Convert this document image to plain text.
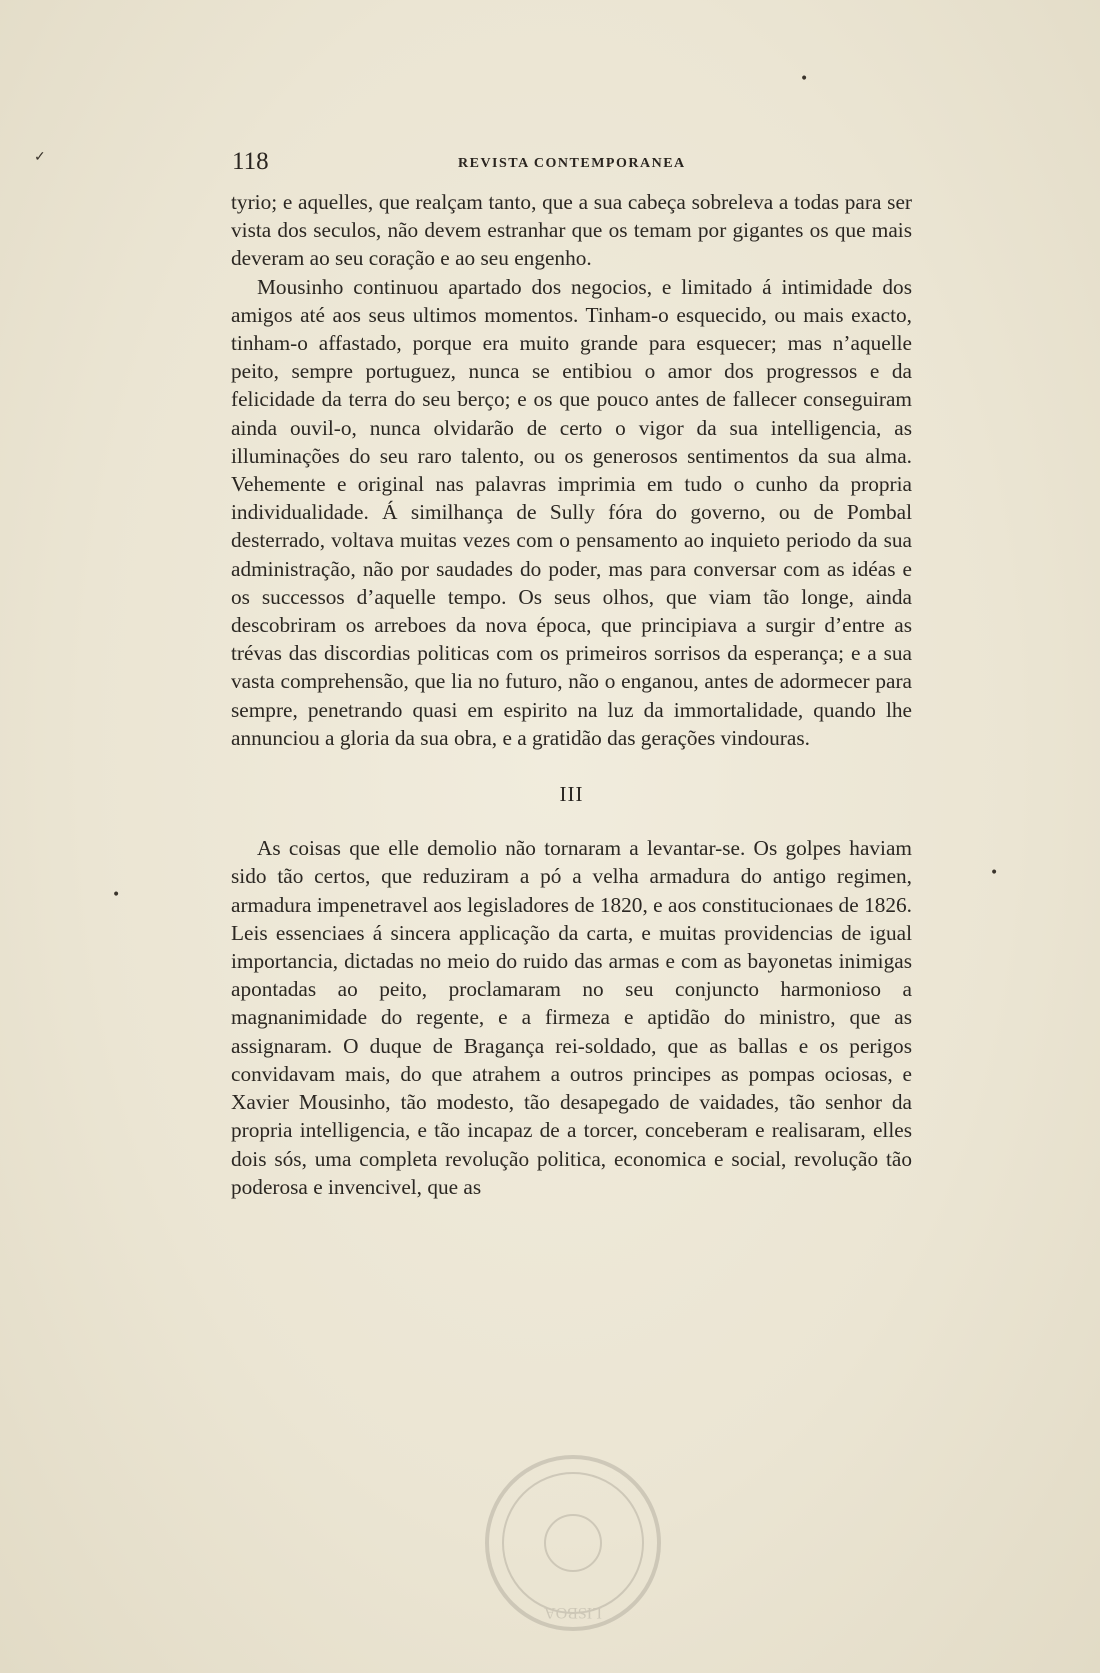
118	REVISTA CONTEMPORANEA

tyrio; e aquelles, que realçam tanto, que a sua cabeça sobreleva a todas para ser vista dos seculos, não devem estranhar que os temam por gigantes os que mais deveram ao seu coração e ao seu engenho.

Mousinho continuou apartado dos negocios, e limitado á intimidade dos amigos até aos seus ultimos momentos. Tinham-o esquecido, ou mais exacto, tinham-o affastado, porque era muito grande para esquecer; mas n’aquelle peito, sempre portuguez, nunca se entibiou o amor dos progressos e da felicidade da terra do seu berço; e os que pouco antes de fallecer conseguiram ainda ouvil-o, nunca olvidarão de certo o vigor da sua intelligencia, as illuminações do seu raro talento, ou os generosos sentimentos da sua alma. Vehemente e original nas palavras imprimia em tudo o cunho da propria individualidade. Á similhança de Sully fóra do governo, ou de Pombal desterrado, voltava muitas vezes com o pensamento ao inquieto periodo da sua administração, não por saudades do poder, mas para conversar com as idéas e os successos d’aquelle tempo. Os seus olhos, que viam tão longe, ainda descobriram os arreboes da nova época, que principiava a surgir d’entre as trévas das discordias politicas com os primeiros sorrisos da esperança; e a sua vasta comprehensão, que lia no futuro, não o enganou, antes de adormecer para sempre, penetrando quasi em espirito na luz da immortalidade, quando lhe annunciou a gloria da sua obra, e a gratidão das gerações vindouras.

III

As coisas que elle demolio não tornaram a levantar-se. Os golpes haviam sido tão certos, que reduziram a pó a velha armadura do antigo regimen, armadura impenetravel aos legisladores de 1820, e aos constitucionaes de 1826. Leis essenciaes á sincera applicação da carta, e muitas providencias de igual importancia, dictadas no meio do ruido das armas e com as bayonetas inimigas apontadas ao peito, proclamaram no seu conjuncto harmonioso a magnanimidade do regente, e a firmeza e aptidão do ministro, que as assignaram. O duque de Bragança rei-soldado, que as ballas e os perigos convidavam mais, do que atrahem a outros principes as pompas ociosas, e Xavier Mousinho, tão modesto, tão desapegado de vaidades, tão senhor da propria intelligencia, e tão incapaz de a torcer, conceberam e realisaram, elles dois sós, uma completa revolução politica, economica e social, revolução tão poderosa e invencivel, que as

LISBOA
✓
•
•
•
